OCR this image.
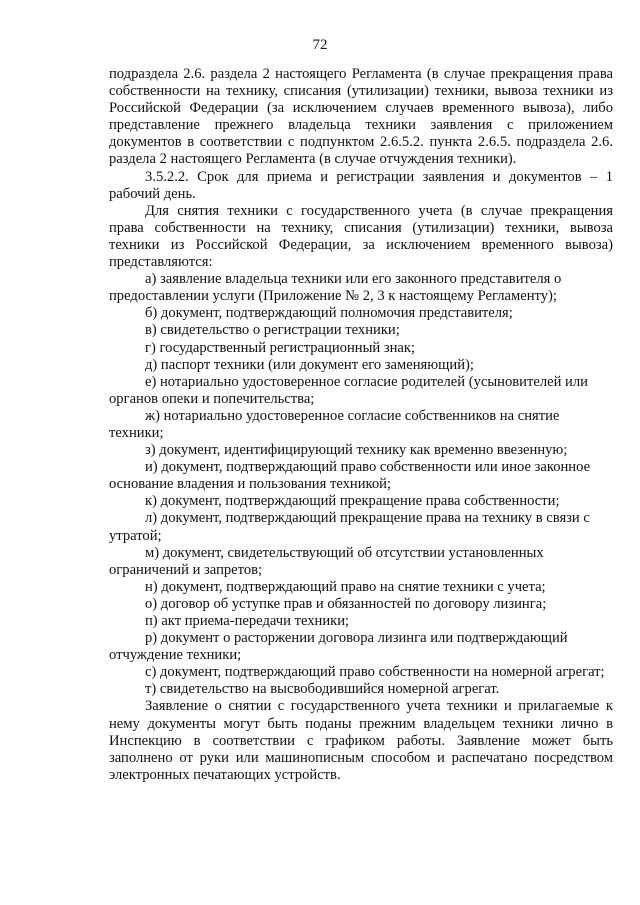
72

подраздела 2.6. раздела 2 настоящего Регламента (в случае прекращения права собственности на технику, списания (утилизации) техники, вывоза техники из Российской Федерации (за исключением случаев временного вывоза), либо представление прежнего владельца техники заявления с приложением документов в соответствии с подпунктом 2.6.5.2. пункта 2.6.5. подраздела 2.6. раздела 2 настоящего Регламента (в случае отчуждения техники).

3.5.2.2. Срок для приема и регистрации заявления и документов – 1 рабочий день.

Для снятия техники с государственного учета (в случае прекращения права собственности на технику, списания (утилизации) техники, вывоза техники из Российской Федерации, за исключением временного вывоза) представляются:

а) заявление владельца техники или его законного представителя о предоставлении услуги (Приложение № 2, 3 к настоящему Регламенту);

б) документ, подтверждающий полномочия представителя;

в) свидетельство о регистрации техники;

г) государственный регистрационный знак;

д) паспорт техники (или документ его заменяющий);

е) нотариально удостоверенное согласие родителей (усыновителей или органов опеки и попечительства;

ж) нотариально удостоверенное согласие собственников на снятие техники;

з) документ, идентифицирующий технику как временно ввезенную;

и) документ, подтверждающий право собственности или иное законное основание владения и пользования техникой;

к) документ, подтверждающий прекращение права собственности;

л) документ, подтверждающий прекращение права на технику в связи с утратой;

м) документ, свидетельствующий об отсутствии установленных ограничений и запретов;

н) документ, подтверждающий право на снятие техники с учета;

о) договор об уступке прав и обязанностей по договору лизинга;

п) акт приема-передачи техники;

р) документ о расторжении договора лизинга или подтверждающий отчуждение техники;

с) документ, подтверждающий право собственности на номерной агрегат;

т) свидетельство на высвободившийся номерной агрегат.

Заявление о снятии с государственного учета техники и прилагаемые к нему документы могут быть поданы прежним владельцем техники лично в Инспекцию в соответствии с графиком работы. Заявление может быть заполнено от руки или машинописным способом и распечатано посредством электронных печатающих устройств.
